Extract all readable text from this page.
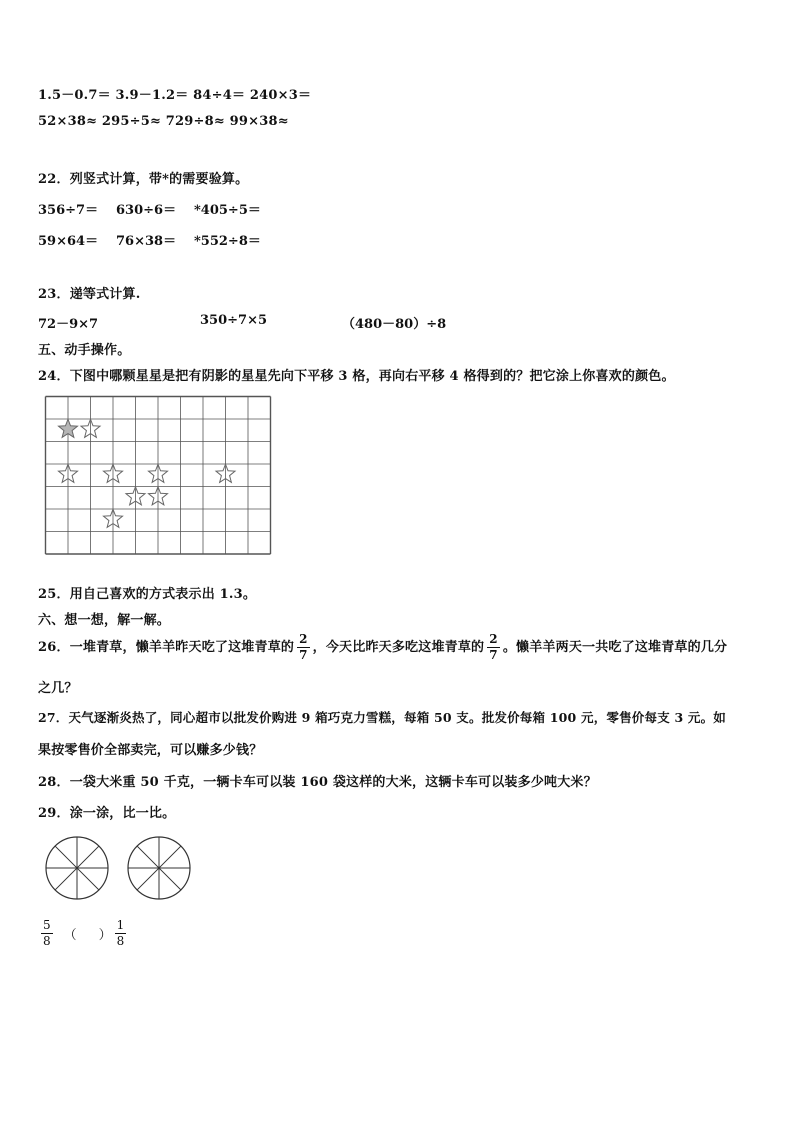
1.5－0.7＝ 3.9－1.2＝ 84÷4＝ 240×3＝
52×38≈ 295÷5≈ 729÷8≈ 99×38≈
22．列竖式计算，带*的需要验算。
356÷7＝ 630÷6＝ *405÷5＝
59×64＝ 76×38＝ *552÷8＝
23．递等式计算.
72－9×7	350÷7×5	（480－80）÷8
五、动手操作。
24．下图中哪颗星星是把有阴影的星星先向下平移 3 格，再向右平移 4 格得到的？把它涂上你喜欢的颜色。
25．用自己喜欢的方式表示出 1.3。
六、想一想，解一解。
26．一堆青草，懒羊羊昨天吃了这堆青草的 $\frac{2}{7}$ ，今天比昨天多吃这堆青草的 $\frac{2}{7}$ 。懒羊羊两天一共吃了这堆青草的几分
之几？
27．天气逐渐炎热了，同心超市以批发价购进 9 箱巧克力雪糕，每箱 50 支。批发价每箱 100 元，零售价每支 3 元。如
果按零售价全部卖完，可以赚多少钱？
28．一袋大米重 50 千克，一辆卡车可以装 160 袋这样的大米，这辆卡车可以装多少吨大米？
29．涂一涂，比一比。
$\frac{5}{8}$ （ ） $\frac{1}{8}$
